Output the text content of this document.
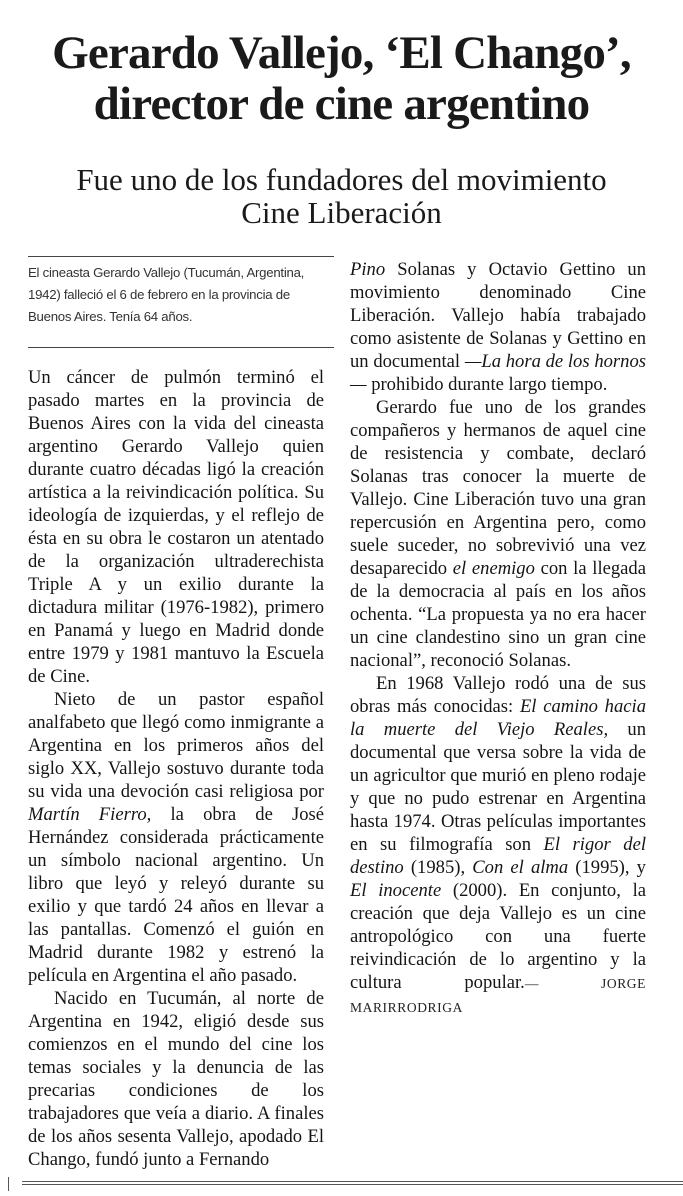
Gerardo Vallejo, ‘El Chango’,
director de cine argentino
Fue uno de los fundadores del movimiento
Cine Liberación

El cineasta Gerardo Vallejo (Tucumán, Argentina, 1942) falleció el 6 de febrero en la provincia de Buenos Aires. Tenía 64 años.

Un cáncer de pulmón terminó el pasado martes en la provincia de Buenos Aires con la vida del cineasta argentino Gerardo Vallejo quien durante cuatro décadas ligó la creación artística a la reivindicación política. Su ideología de izquierdas, y el reflejo de ésta en su obra le costaron un atentado de la organización ultraderechista Triple A y un exilio durante la dictadura militar (1976-1982), primero en Panamá y luego en Madrid donde entre 1979 y 1981 mantuvo la Escuela de Cine.

Nieto de un pastor español analfabeto que llegó como inmigrante a Argentina en los primeros años del siglo XX, Vallejo sostuvo durante toda su vida una devoción casi religiosa por Martín Fierro, la obra de José Hernández considerada prácticamente un símbolo nacional argentino. Un libro que leyó y releyó durante su exilio y que tardó 24 años en llevar a las pantallas. Comenzó el guión en Madrid durante 1982 y estrenó la película en Argentina el año pasado.

Nacido en Tucumán, al norte de Argentina en 1942, eligió desde sus comienzos en el mundo del cine los temas sociales y la denuncia de las precarias condiciones de los trabajadores que veía a diario. A finales de los años sesenta Vallejo, apodado El Chango, fundó junto a Fernando

Pino Solanas y Octavio Gettino un movimiento denominado Cine Liberación. Vallejo había trabajado como asistente de Solanas y Gettino en un documental —La hora de los hornos— prohibido durante largo tiempo.

Gerardo fue uno de los grandes compañeros y hermanos de aquel cine de resistencia y combate, declaró Solanas tras conocer la muerte de Vallejo. Cine Liberación tuvo una gran repercusión en Argentina pero, como suele suceder, no sobrevivió una vez desaparecido el enemigo con la llegada de la democracia al país en los años ochenta. “La propuesta ya no era hacer un cine clandestino sino un gran cine nacional”, reconoció Solanas.

En 1968 Vallejo rodó una de sus obras más conocidas: El camino hacia la muerte del Viejo Reales, un documental que versa sobre la vida de un agricultor que murió en pleno rodaje y que no pudo estrenar en Argentina hasta 1974. Otras películas importantes en su filmografía son El rigor del destino (1985), Con el alma (1995), y El inocente (2000). En conjunto, la creación que deja Vallejo es un cine antropológico con una fuerte reivindicación de lo argentino y la cultura popular.— JORGE MARIRRODRIGA
